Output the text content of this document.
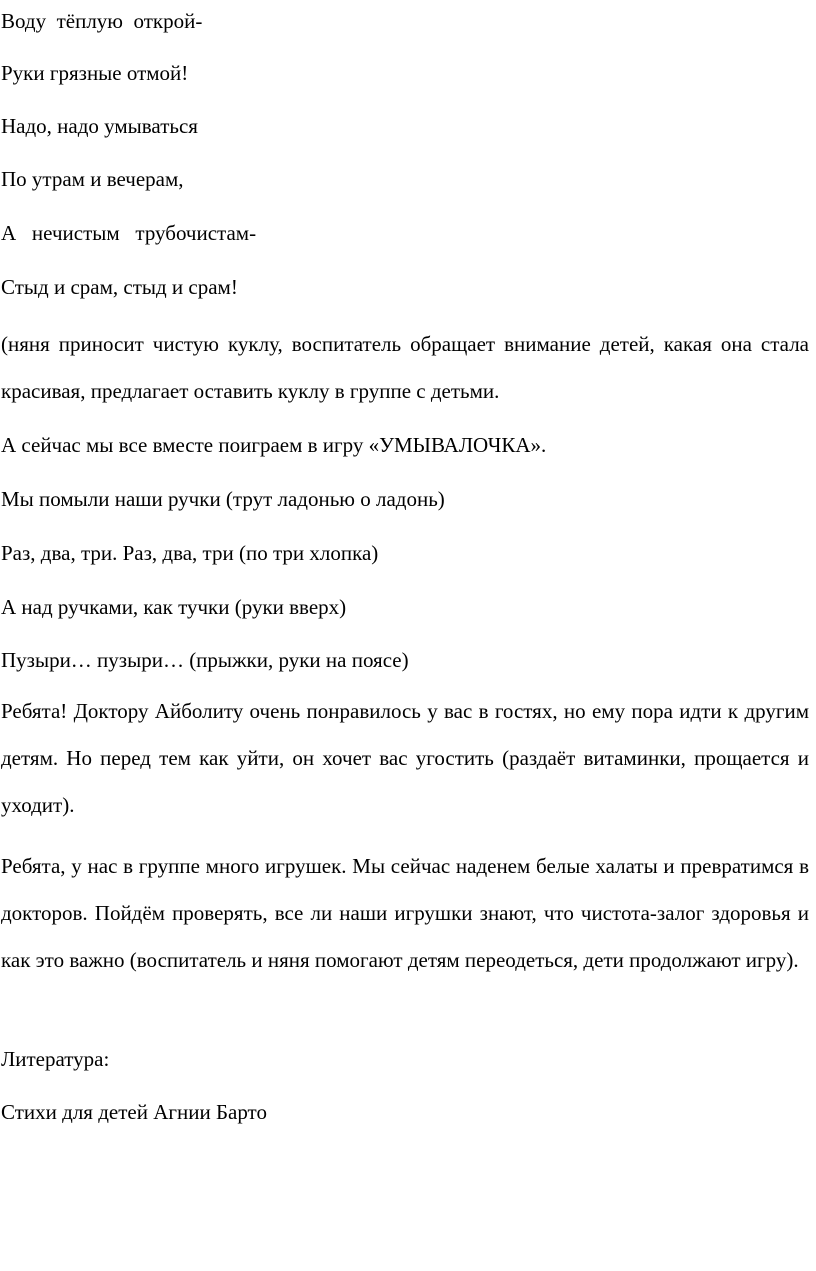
Воду  тёплую  открой-

Руки грязные отмой!

Надо, надо умываться

По утрам и вечерам,

А   нечистым   трубочистам-

Стыд и срам, стыд и срам!

(няня приносит чистую куклу, воспитатель обращает внимание детей, какая она стала красивая, предлагает оставить куклу в группе с детьми.

А сейчас мы все вместе поиграем в игру «УМЫВАЛОЧКА».

Мы помыли наши ручки (трут ладонью о ладонь)

Раз, два, три. Раз, два, три (по три хлопка)

А над ручками, как тучки (руки вверх)

Пузыри… пузыри… (прыжки, руки на поясе)

Ребята! Доктору Айболиту очень понравилось у вас в гостях, но ему пора идти к другим детям. Но перед тем как уйти, он хочет вас угостить (раздаёт витаминки, прощается и уходит).

Ребята, у нас в группе много игрушек. Мы сейчас наденем белые халаты и превратимся в докторов. Пойдём проверять, все ли наши игрушки знают, что чистота-залог здоровья и как это важно (воспитатель и няня помогают детям переодеться, дети продолжают игру).

Литература:

Стихи для детей Агнии Барто
